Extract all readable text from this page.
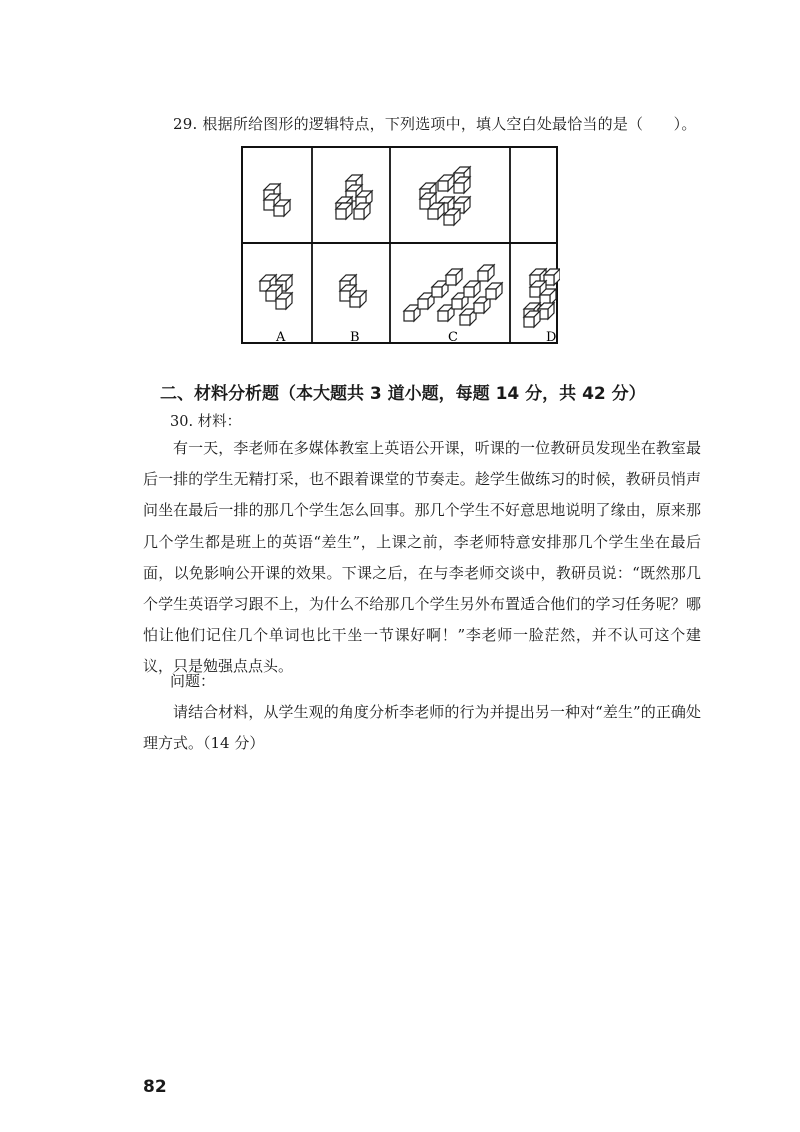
29. 根据所给图形的逻辑特点，下列选项中，填人空白处最恰当的是（　　）。
A	B	C	D
二、材料分析题（本大题共 3 道小题，每题 14 分，共 42 分）
30. 材料：
有一天，李老师在多媒体教室上英语公开课，听课的一位教研员发现坐在教室最后一排的学生无精打采，也不跟着课堂的节奏走。趁学生做练习的时候，教研员悄声问坐在最后一排的那几个学生怎么回事。那几个学生不好意思地说明了缘由，原来那几个学生都是班上的英语“差生”，上课之前，李老师特意安排那几个学生坐在最后面，以免影响公开课的效果。下课之后，在与李老师交谈中，教研员说：“既然那几个学生英语学习跟不上，为什么不给那几个学生另外布置适合他们的学习任务呢？哪怕让他们记住几个单词也比干坐一节课好啊！”李老师一脸茫然，并不认可这个建议，只是勉强点点头。
问题：
请结合材料，从学生观的角度分析李老师的行为并提出另一种对“差生”的正确处理方式。（14 分）
82
